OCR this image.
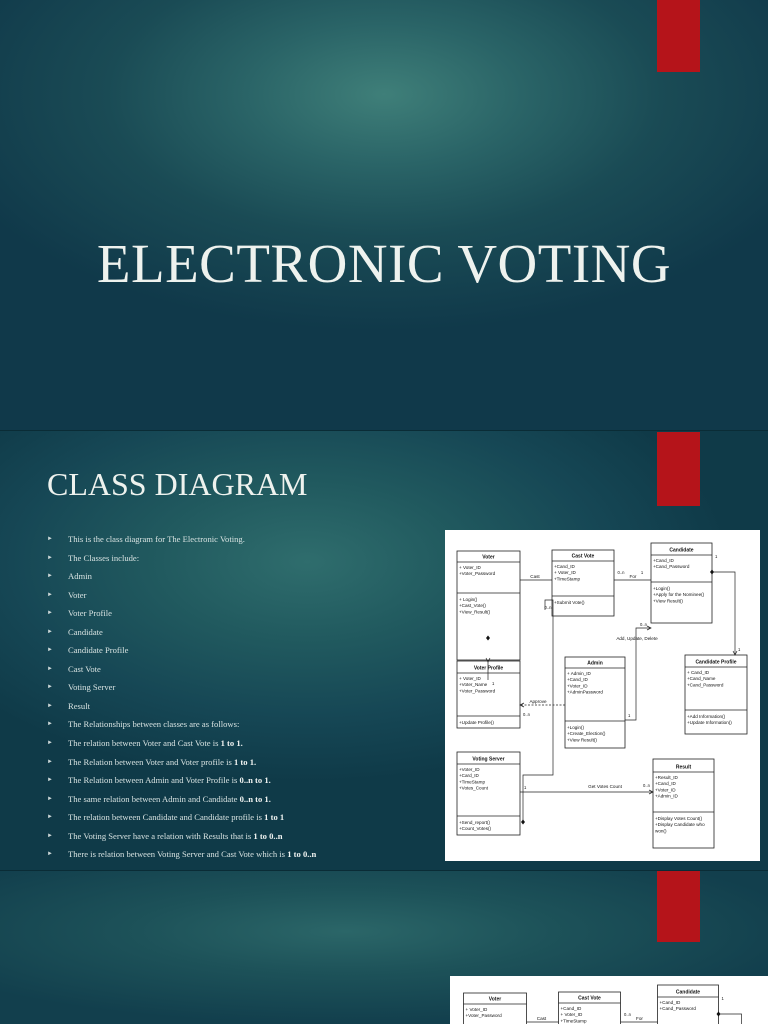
ELECTRONIC VOTING
CLASS DIAGRAM
► This is the class diagram for The Electronic Voting.
► The Classes include:
► Admin
► Voter
► Voter Profile
► Candidate
► Candidate Profile
► Cast Vote
► Voting Server
► Result
► The Relationships between classes are as follows:
► The relation between Voter and Cast Vote is 1 to 1.
► The Relation between Voter and Voter profile is 1 to 1.
► The Relation between Admin and Voter Profile is 0..n to 1.
► The same relation between Admin and Candidate 0..n to 1.
► The relation between Candidate and Candidate profile is 1 to 1
► The Voting Server have a relation with Results that is 1 to 0..n
► There is relation between Voting Server and Cast Vote which is 1 to 0..n
Voter
+ Voter_ID
+Voter_Password
+ Login()
+Cast_Vote()
+View_Result()
Cast Vote
+Cand_ID
+ Voter_ID
+TimeStamp
+Submit Vote()
Candidate
+Cand_ID
+Cand_Password
+Login()
+Apply for the Nominee()
+View Result()
Voter Profile
+ Voter_ID
+Voter_Name
+Voter_Password
+Update Profile()
Admin
+ Admin_ID
+Cand_ID
+Voter_ID
+AdminPassword
+Login()
+Create_Election()
+View Result()
Candidate Profile
+ Cand_ID
+Cand_Name
+Cand_Password
+Add Information()
+Update Information()
Voting Server
+Voter_ID
+Card_ID
+TimeStamp
+Votes_Count
+Send_report()
+Count_Votes()
Result
+Result_ID
+Cand_ID
+Voter_ID
+Admin_ID
+Display Votes Count()
+Display Candidate who
won()
Cast	For
0..n	1
0..n
1
Approve
0..n
0..n
1
Add, Update, Delete
1
1
Get Votes Count
1	0..n
Voter
+ Voter_ID
+Voter_Password
Cast Vote
+Cand_ID
+ Voter_ID
+TimeStamp
Candidate
+Cand_ID
+Cand_Password
Cast	For
0..n
1
